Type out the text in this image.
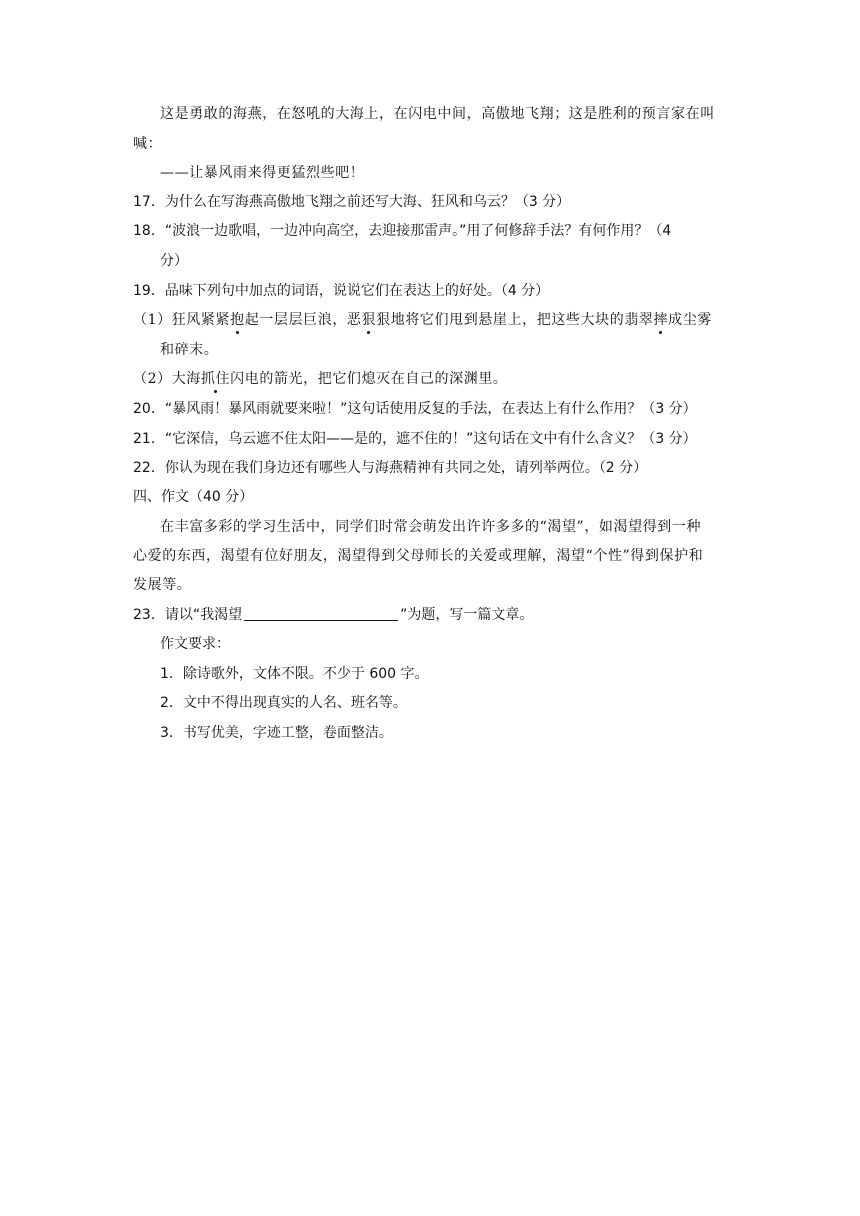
这是勇敢的海燕，在怒吼的大海上，在闪电中间，高傲地飞翔；这是胜利的预言家在叫
喊：
——让暴风雨来得更猛烈些吧！
17．为什么在写海燕高傲地飞翔之前还写大海、狂风和乌云？（3 分）
18．“波浪一边歌唱，一边冲向高空，去迎接那雷声。”用了何修辞手法？有何作用？（4
分）
19．品味下列句中加点的词语，说说它们在表达上的好处。（4 分）
（1）狂风紧紧抱起一层层巨浪，恶狠狠地将它们甩到悬崖上，把这些大块的翡翠摔成尘雾
和碎末。
（2）大海抓住闪电的箭光，把它们熄灭在自己的深渊里。
20．“暴风雨！暴风雨就要来啦！”这句话使用反复的手法，在表达上有什么作用？（3 分）
21．“它深信，乌云遮不住太阳——是的，遮不住的！”这句话在文中有什么含义？（3 分）
22．你认为现在我们身边还有哪些人与海燕精神有共同之处，请列举两位。（2 分）
四、作文（40 分）
在丰富多彩的学习生活中，同学们时常会萌发出许许多多的“渴望”，如渴望得到一种
心爱的东西，渴望有位好朋友，渴望得到父母师长的关爱或理解，渴望“个性”得到保护和
发展等。
23．请以“我渴望	”为题，写一篇文章。
作文要求：
1．除诗歌外，文体不限。不少于 600 字。
2．文中不得出现真实的人名、班名等。
3．书写优美，字迹工整，卷面整洁。
